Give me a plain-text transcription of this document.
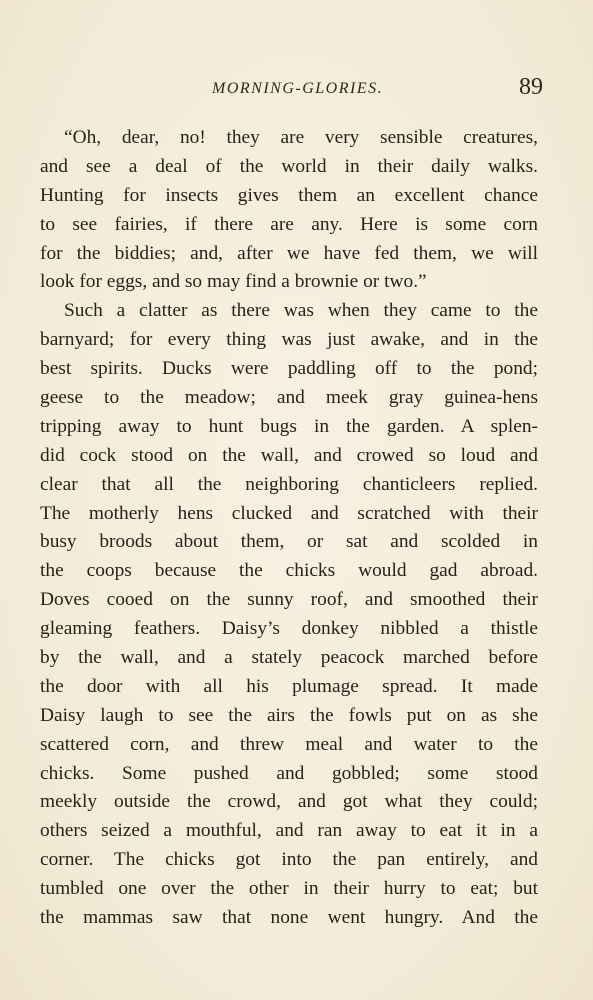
MORNING-GLORIES.	89

“Oh, dear, no! they are very sensible creatures,
and see a deal of the world in their daily walks.
Hunting for insects gives them an excellent chance
to see fairies, if there are any. Here is some corn
for the biddies; and, after we have fed them, we will
look for eggs, and so may find a brownie or two.”

Such a clatter as there was when they came to the
barnyard; for every thing was just awake, and in the
best spirits. Ducks were paddling off to the pond;
geese to the meadow; and meek gray guinea-hens
tripping away to hunt bugs in the garden. A splen-
did cock stood on the wall, and crowed so loud and
clear that all the neighboring chanticleers replied.
The motherly hens clucked and scratched with their
busy broods about them, or sat and scolded in
the coops because the chicks would gad abroad.
Doves cooed on the sunny roof, and smoothed their
gleaming feathers. Daisy’s donkey nibbled a thistle
by the wall, and a stately peacock marched before
the door with all his plumage spread. It made
Daisy laugh to see the airs the fowls put on as she
scattered corn, and threw meal and water to the
chicks. Some pushed and gobbled; some stood
meekly outside the crowd, and got what they could;
others seized a mouthful, and ran away to eat it in a
corner. The chicks got into the pan entirely, and
tumbled one over the other in their hurry to eat; but
the mammas saw that none went hungry. And the
